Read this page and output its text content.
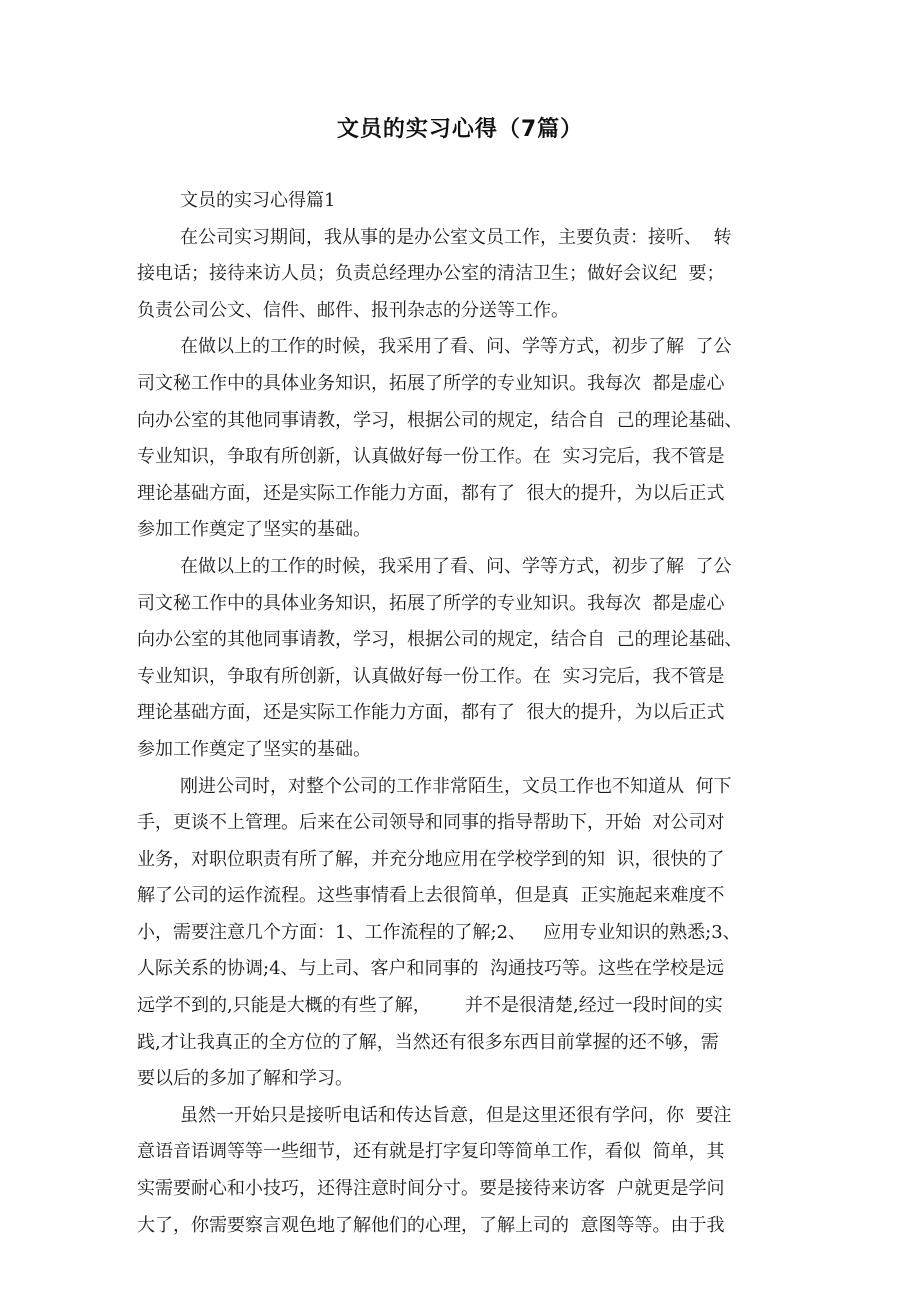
文员的实习心得（7篇）
文员的实习心得篇1
在公司实习期间，我从事的是办公室文员工作，主要负责：接听、  转
接电话；接待来访人员；负责总经理办公室的清洁卫生；做好会议纪  要；
负责公司公文、信件、邮件、报刊杂志的分送等工作。
在做以上的工作的时候，我采用了看、问、学等方式，初步了解  了公
司文秘工作中的具体业务知识，拓展了所学的专业知识。我每次  都是虚心
向办公室的其他同事请教，学习，根据公司的规定，结合自  己的理论基础、
专业知识，争取有所创新，认真做好每一份工作。在  实习完后，我不管是
理论基础方面，还是实际工作能力方面，都有了  很大的提升，为以后正式
参加工作奠定了坚实的基础。
在做以上的工作的时候，我采用了看、问、学等方式，初步了解  了公
司文秘工作中的具体业务知识，拓展了所学的专业知识。我每次  都是虚心
向办公室的其他同事请教，学习，根据公司的规定，结合自  己的理论基础、
专业知识，争取有所创新，认真做好每一份工作。在  实习完后，我不管是
理论基础方面，还是实际工作能力方面，都有了  很大的提升，为以后正式
参加工作奠定了坚实的基础。
刚进公司时，对整个公司的工作非常陌生，文员工作也不知道从  何下
手，更谈不上管理。后来在公司领导和同事的指导帮助下，开始  对公司对
业务，对职位职责有所了解，并充分地应用在学校学到的知  识，很快的了
解了公司的运作流程。这些事情看上去很简单，但是真  正实施起来难度不
小，需要注意几个方面：1、工作流程的了解;2、   应用专业知识的熟悉;3、
人际关系的协调;4、与上司、客户和同事的  沟通技巧等。这些在学校是远
远学不到的,只能是大概的有些了解，      并不是很清楚,经过一段时间的实
践,才让我真正的全方位的了解，当然还有很多东西目前掌握的还不够，需
要以后的多加了解和学习。
虽然一开始只是接听电话和传达旨意，但是这里还很有学问，你  要注
意语音语调等等一些细节，还有就是打字复印等简单工作，看似  简单，其
实需要耐心和小技巧，还得注意时间分寸。要是接待来访客  户就更是学问
大了，你需要察言观色地了解他们的心理，了解上司的  意图等等。由于我
